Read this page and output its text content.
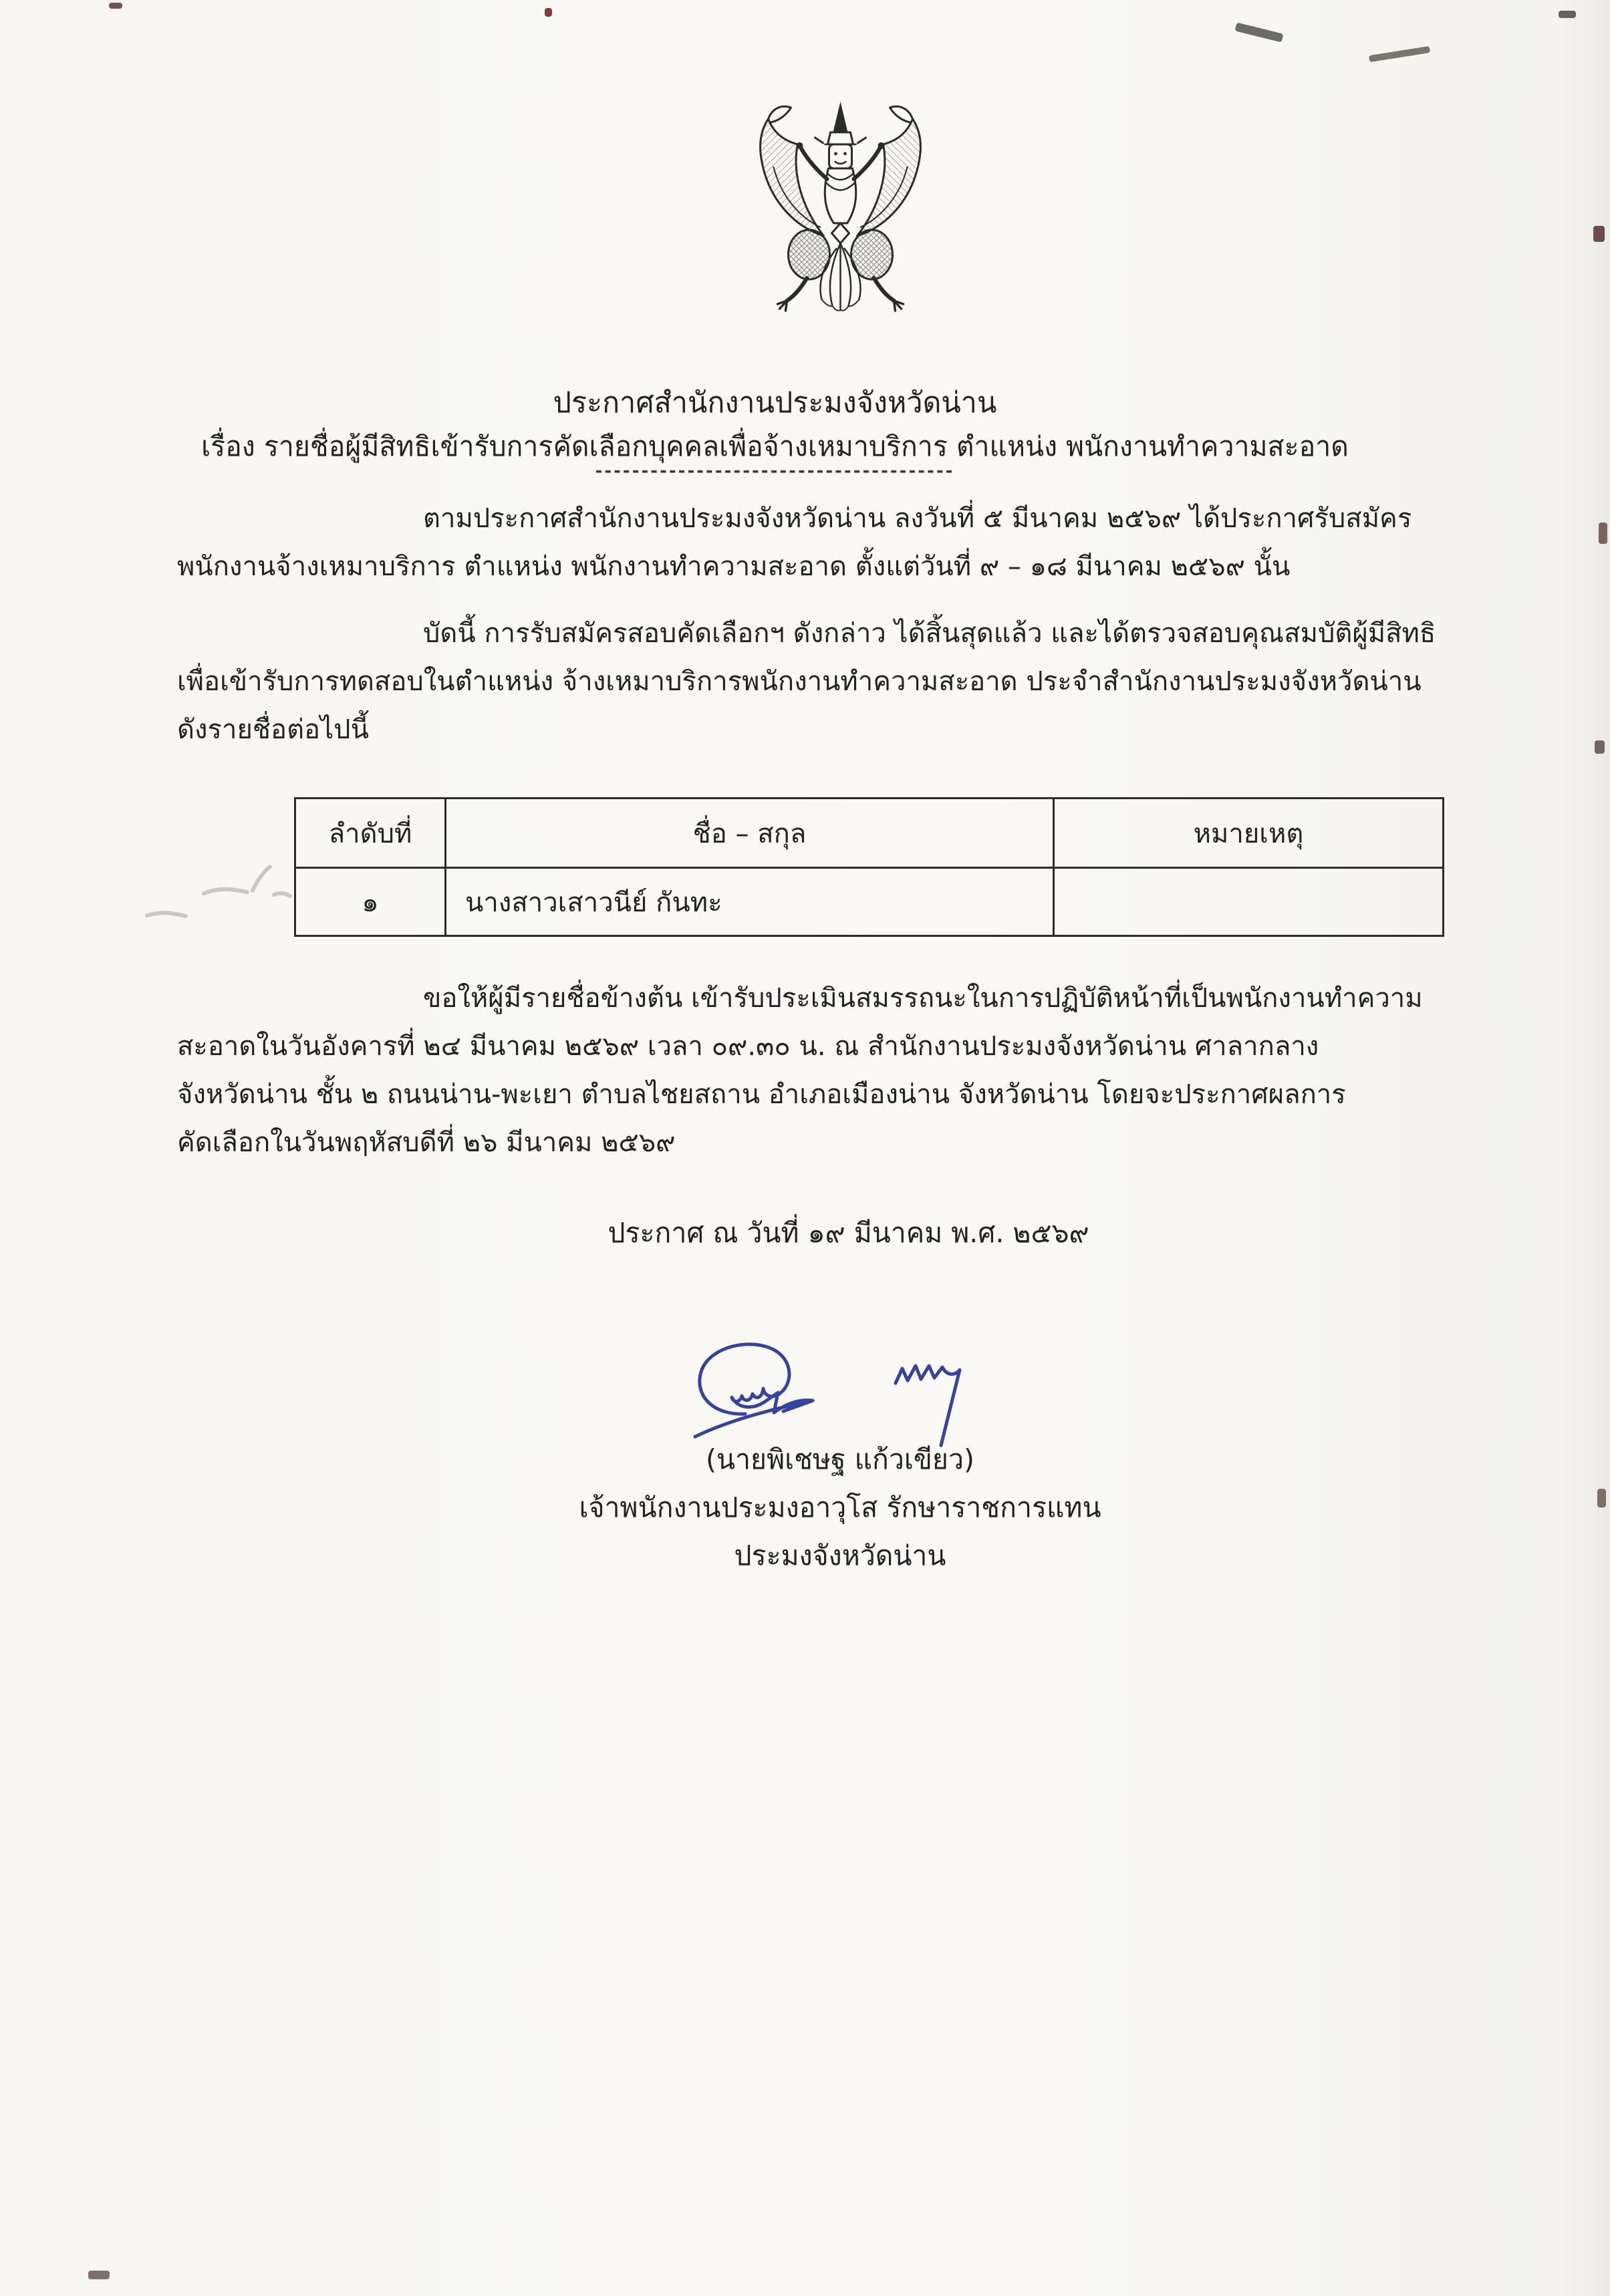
ประกาศสำนักงานประมงจังหวัดน่าน
เรื่อง รายชื่อผู้มีสิทธิเข้ารับการคัดเลือกบุคคลเพื่อจ้างเหมาบริการ ตำแหน่ง พนักงานทำความสะอาด
---------------------------------------
ตามประกาศสำนักงานประมงจังหวัดน่าน ลงวันที่ ๕ มีนาคม ๒๕๖๙ ได้ประกาศรับสมัคร
พนักงานจ้างเหมาบริการ ตำแหน่ง พนักงานทำความสะอาด ตั้งแต่วันที่ ๙ – ๑๘ มีนาคม ๒๕๖๙ นั้น
บัดนี้ การรับสมัครสอบคัดเลือกฯ ดังกล่าว ได้สิ้นสุดแล้ว และได้ตรวจสอบคุณสมบัติผู้มีสิทธิ
เพื่อเข้ารับการทดสอบในตำแหน่ง จ้างเหมาบริการพนักงานทำความสะอาด ประจำสำนักงานประมงจังหวัดน่าน
ดังรายชื่อต่อไปนี้
ลำดับที่	ชื่อ – สกุล	หมายเหตุ
๑	นางสาวเสาวนีย์ กันทะ	
ขอให้ผู้มีรายชื่อข้างต้น เข้ารับประเมินสมรรถนะในการปฏิบัติหน้าที่เป็นพนักงานทำความ
สะอาดในวันอังคารที่ ๒๔ มีนาคม ๒๕๖๙ เวลา ๐๙.๓๐ น. ณ สำนักงานประมงจังหวัดน่าน ศาลากลาง
จังหวัดน่าน ชั้น ๒ ถนนน่าน-พะเยา ตำบลไชยสถาน อำเภอเมืองน่าน จังหวัดน่าน โดยจะประกาศผลการ
คัดเลือกในวันพฤหัสบดีที่ ๒๖ มีนาคม ๒๕๖๙
ประกาศ ณ วันที่ ๑๙ มีนาคม พ.ศ. ๒๕๖๙
(นายพิเชษฐ แก้วเขียว)
เจ้าพนักงานประมงอาวุโส รักษาราชการแทน
ประมงจังหวัดน่าน
